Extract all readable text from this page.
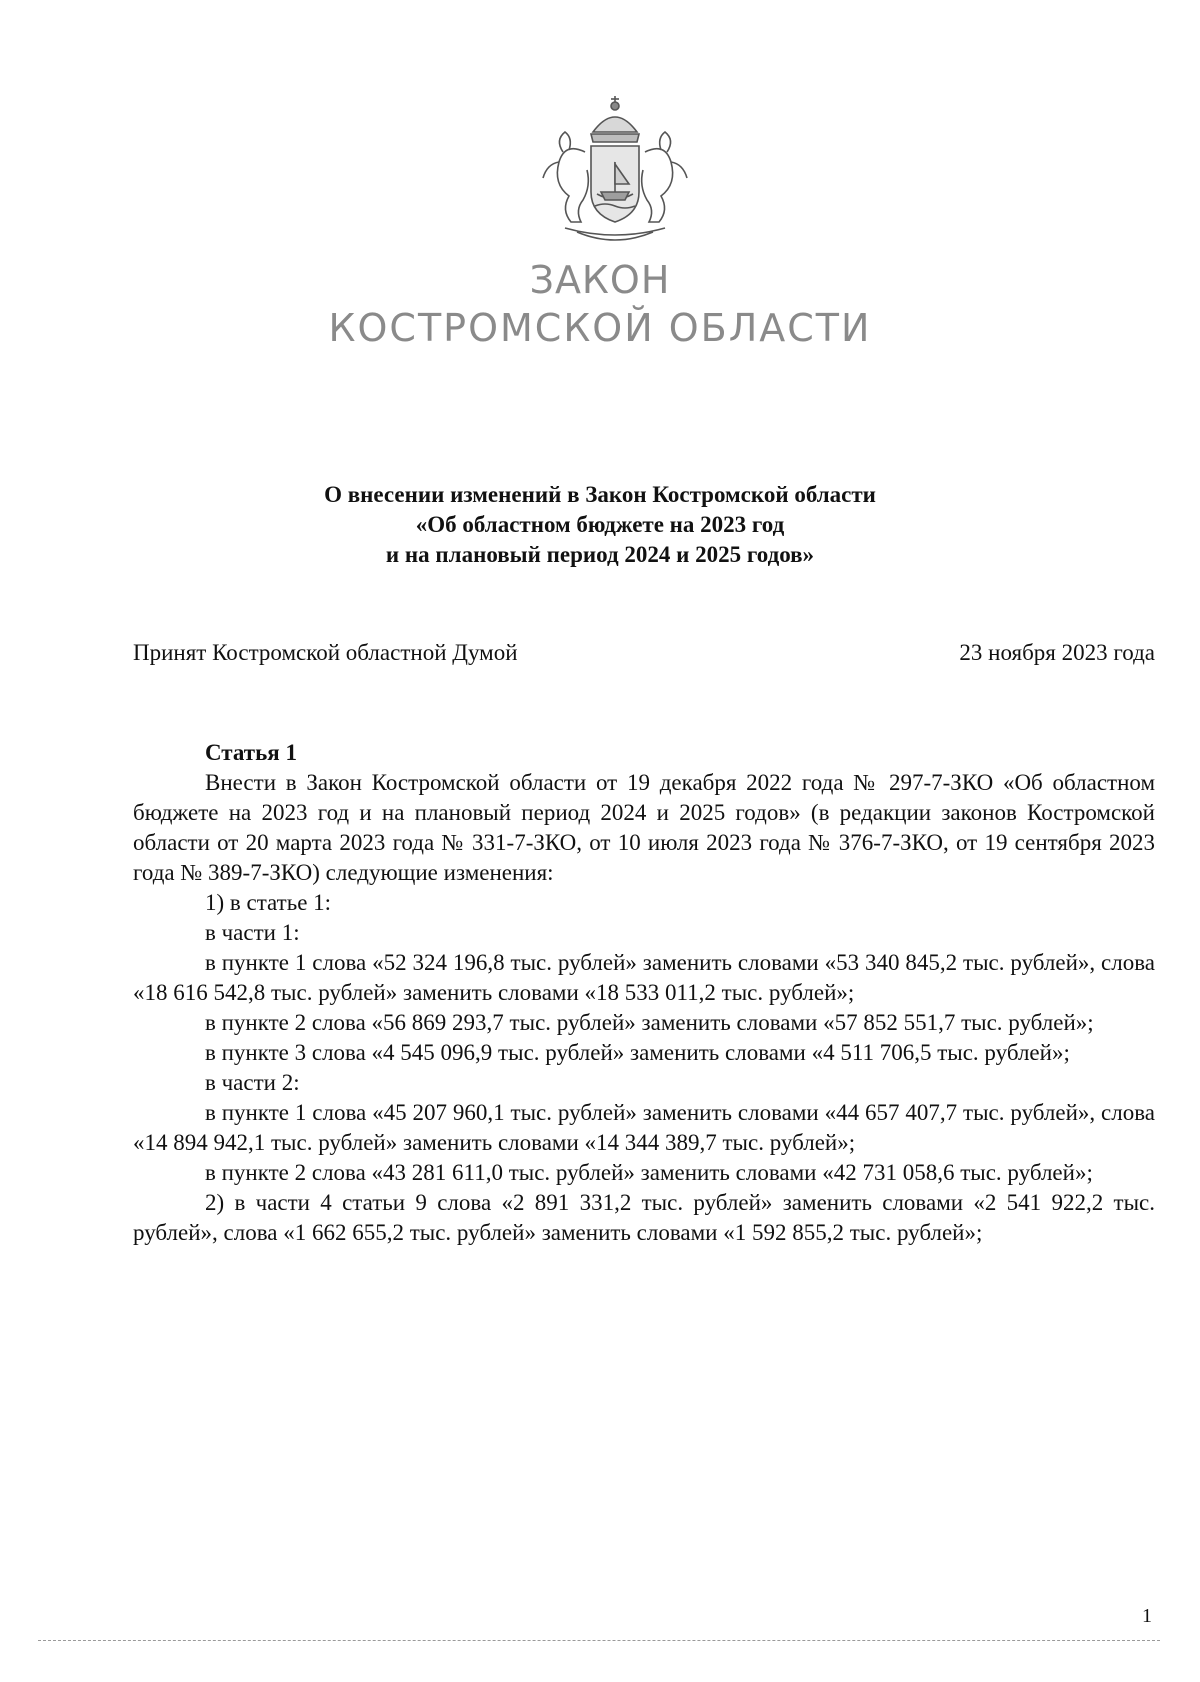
ЗАКОН
КОСТРОМСКОЙ ОБЛАСТИ
О внесении изменений в Закон Костромской области
«Об областном бюджете на 2023 год
и на плановый период 2024 и 2025 годов»
Принят Костромской областной Думой	23 ноября 2023 года

Статья 1

Внести в Закон Костромской области от 19 декабря 2022 года № 297-7-ЗКО «Об областном бюджете на 2023 год и на плановый период 2024 и 2025 годов» (в редакции законов Костромской области от 20 марта 2023 года № 331-7-ЗКО, от 10 июля 2023 года № 376-7-ЗКО, от 19 сентября 2023 года № 389-7-ЗКО) следующие изменения:

1) в статье 1:

в части 1:

в пункте 1 слова «52 324 196,8 тыс. рублей» заменить словами «53 340 845,2 тыс. рублей», слова «18 616 542,8 тыс. рублей» заменить словами «18 533 011,2 тыс. рублей»;

в пункте 2 слова «56 869 293,7 тыс. рублей» заменить словами «57 852 551,7 тыс. рублей»;

в пункте 3 слова «4 545 096,9 тыс. рублей» заменить словами «4 511 706,5 тыс. рублей»;

в части 2:

в пункте 1 слова «45 207 960,1 тыс. рублей» заменить словами «44 657 407,7 тыс. рублей», слова «14 894 942,1 тыс. рублей» заменить словами «14 344 389,7 тыс. рублей»;

в пункте 2 слова «43 281 611,0 тыс. рублей» заменить словами «42 731 058,6 тыс. рублей»;

2) в части 4 статьи 9 слова «2 891 331,2 тыс. рублей» заменить словами «2 541 922,2 тыс. рублей», слова «1 662 655,2 тыс. рублей» заменить словами «1 592 855,2 тыс. рублей»;

1
